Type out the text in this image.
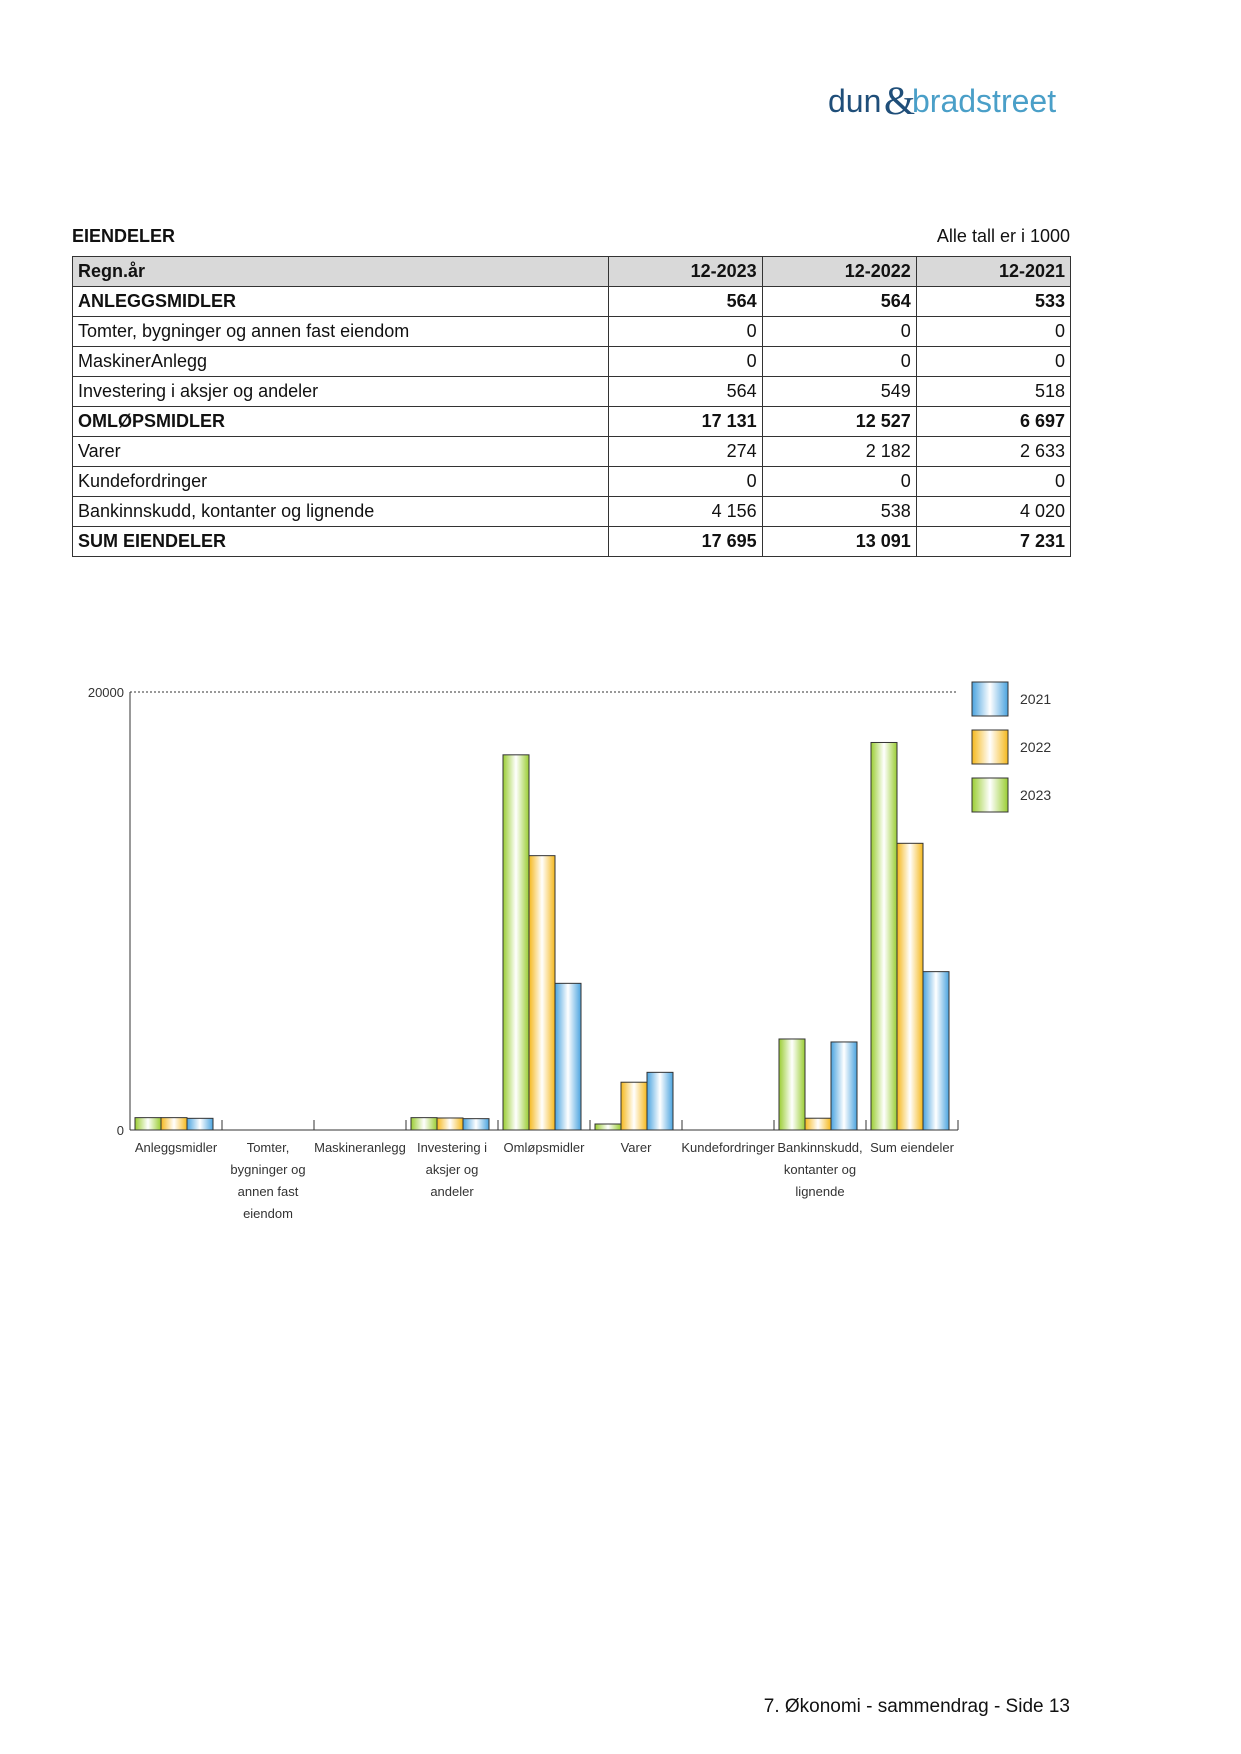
dun &
bradstreet
EIENDELER	Alle tall er i 1000
Regn.år	12-2023	12-2022	12-2021
ANLEGGSMIDLER	564	564	533
Tomter, bygninger og annen fast eiendom	0	0	0
MaskinerAnlegg	0	0	0
Investering i aksjer og andeler	564	549	518
OMLØPSMIDLER	17 131	12 527	6 697
Varer	274	2 182	2 633
Kundefordringer	0	0	0
Bankinnskudd, kontanter og lignende	4 156	538	4 020
SUM EIENDELER	17 695	13 091	7 231
20000
0
Anleggsmidler Tomter,
bygninger og
annen fast
eiendom
Maskineranlegg Investering i
aksjer og
andeler
Omløpsmidler	Varer Kundefordringer Bankinnskudd,
kontanter og
lignende
Sum eiendeler
2021
2022
2023
7. Økonomi - sammendrag - Side 13
